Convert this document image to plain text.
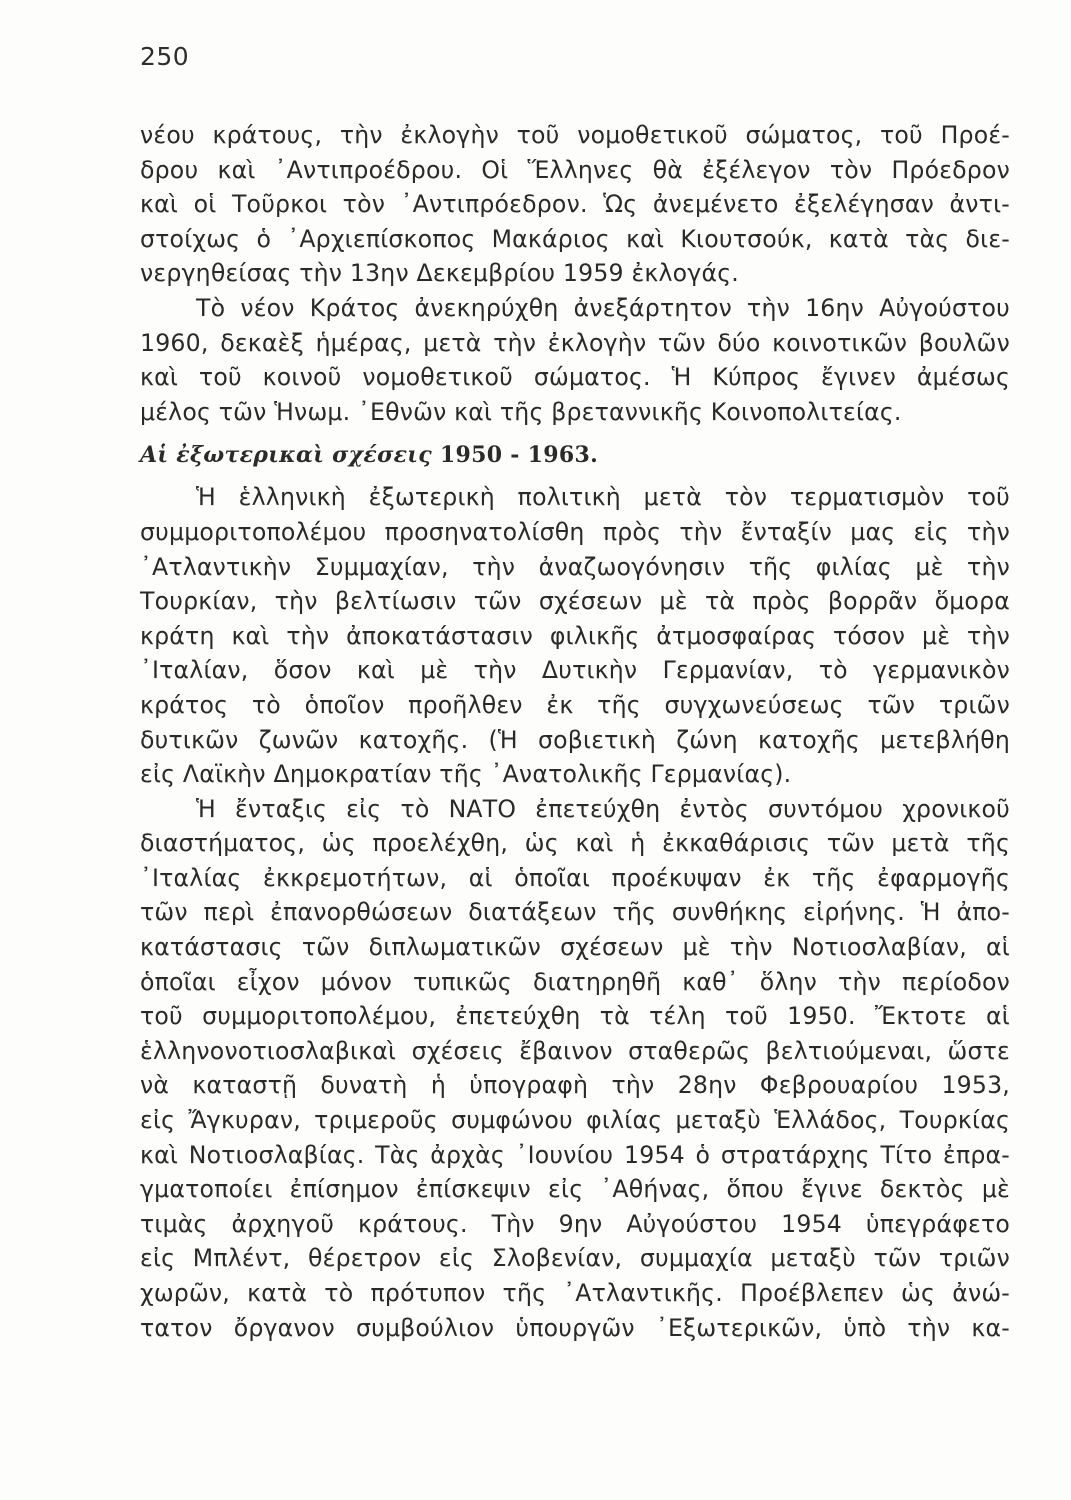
250
νέου κράτους, τὴν ἐκλογὴν τοῦ νομοθετικοῦ σώματος, τοῦ Προέ-
δρου καὶ ᾿Αντιπροέδρου. Οἱ Ἕλληνες θὰ ἐξέλεγον τὸν Πρόεδρον
καὶ οἱ Τοῦρκοι τὸν ᾿Αντιπρόεδρον. Ὡς ἀνεμένετο ἐξελέγησαν ἀντι-
στοίχως ὁ ᾿Αρχιεπίσκοπος Μακάριος καὶ Κιουτσούκ, κατὰ τὰς διε-
νεργηθείσας τὴν 13ην Δεκεμβρίου 1959 ἐκλογάς.
Τὸ νέον Κράτος ἀνεκηρύχθη ἀνεξάρτητον τὴν 16ην Αὐγούστου
1960, δεκαὲξ ἡμέρας, μετὰ τὴν ἐκλογὴν τῶν δύο κοινοτικῶν βουλῶν
καὶ τοῦ κοινοῦ νομοθετικοῦ σώματος. Ἡ Κύπρος ἔγινεν ἀμέσως
μέλος τῶν Ἡνωμ. ᾿Εθνῶν καὶ τῆς βρεταννικῆς Κοινοπολιτείας.
Αἱ ἐξωτερικαὶ σχέσεις 1950 - 1963.
Ἡ ἑλληνικὴ ἐξωτερικὴ πολιτικὴ μετὰ τὸν τερματισμὸν τοῦ
συμμοριτοπολέμου προσηνατολίσθη πρὸς τὴν ἔνταξίν μας εἰς τὴν
᾿Ατλαντικὴν Συμμαχίαν, τὴν ἀναζωογόνησιν τῆς φιλίας μὲ τὴν
Τουρκίαν, τὴν βελτίωσιν τῶν σχέσεων μὲ τὰ πρὸς βορρᾶν ὅμορα
κράτη καὶ τὴν ἀποκατάστασιν φιλικῆς ἀτμοσφαίρας τόσον μὲ τὴν
᾿Ιταλίαν, ὅσον καὶ μὲ τὴν Δυτικὴν Γερμανίαν, τὸ γερμανικὸν
κράτος τὸ ὁποῖον προῆλθεν ἐκ τῆς συγχωνεύσεως τῶν τριῶν
δυτικῶν ζωνῶν κατοχῆς. (Ἡ σοβιετικὴ ζώνη κατοχῆς μετεβλήθη
εἰς Λαϊκὴν Δημοκρατίαν τῆς ᾿Ανατολικῆς Γερμανίας).
Ἡ ἔνταξις εἰς τὸ ΝΑΤΟ ἐπετεύχθη ἐντὸς συντόμου χρονικοῦ
διαστήματος, ὡς προελέχθη, ὡς καὶ ἡ ἐκκαθάρισις τῶν μετὰ τῆς
᾿Ιταλίας ἐκκρεμοτήτων, αἱ ὁποῖαι προέκυψαν ἐκ τῆς ἐφαρμογῆς
τῶν περὶ ἐπανορθώσεων διατάξεων τῆς συνθήκης εἰρήνης. Ἡ ἀπο-
κατάστασις τῶν διπλωματικῶν σχέσεων μὲ τὴν Νοτιοσλαβίαν, αἱ
ὁποῖαι εἶχον μόνον τυπικῶς διατηρηθῆ καθ᾿ ὅλην τὴν περίοδον
τοῦ συμμοριτοπολέμου, ἐπετεύχθη τὰ τέλη τοῦ 1950. Ἔκτοτε αἱ
ἑλληνονοτιοσλαβικαὶ σχέσεις ἔβαινον σταθερῶς βελτιούμεναι, ὥστε
νὰ καταστῇ δυνατὴ ἡ ὑπογραφὴ τὴν 28ην Φεβρουαρίου 1953,
εἰς Ἄγκυραν, τριμεροῦς συμφώνου φιλίας μεταξὺ Ἑλλάδος, Τουρκίας
καὶ Νοτιοσλαβίας. Τὰς ἀρχὰς ᾿Ιουνίου 1954 ὁ στρατάρχης Τίτο ἐπρα-
γματοποίει ἐπίσημον ἐπίσκεψιν εἰς ᾿Αθήνας, ὅπου ἔγινε δεκτὸς μὲ
τιμὰς ἀρχηγοῦ κράτους. Τὴν 9ην Αὐγούστου 1954 ὑπεγράφετο
εἰς Μπλέντ, θέρετρον εἰς Σλοβενίαν, συμμαχία μεταξὺ τῶν τριῶν
χωρῶν, κατὰ τὸ πρότυπον τῆς ᾿Ατλαντικῆς. Προέβλεπεν ὡς ἀνώ-
τατον ὄργανον συμβούλιον ὑπουργῶν ᾿Εξωτερικῶν, ὑπὸ τὴν κα-
